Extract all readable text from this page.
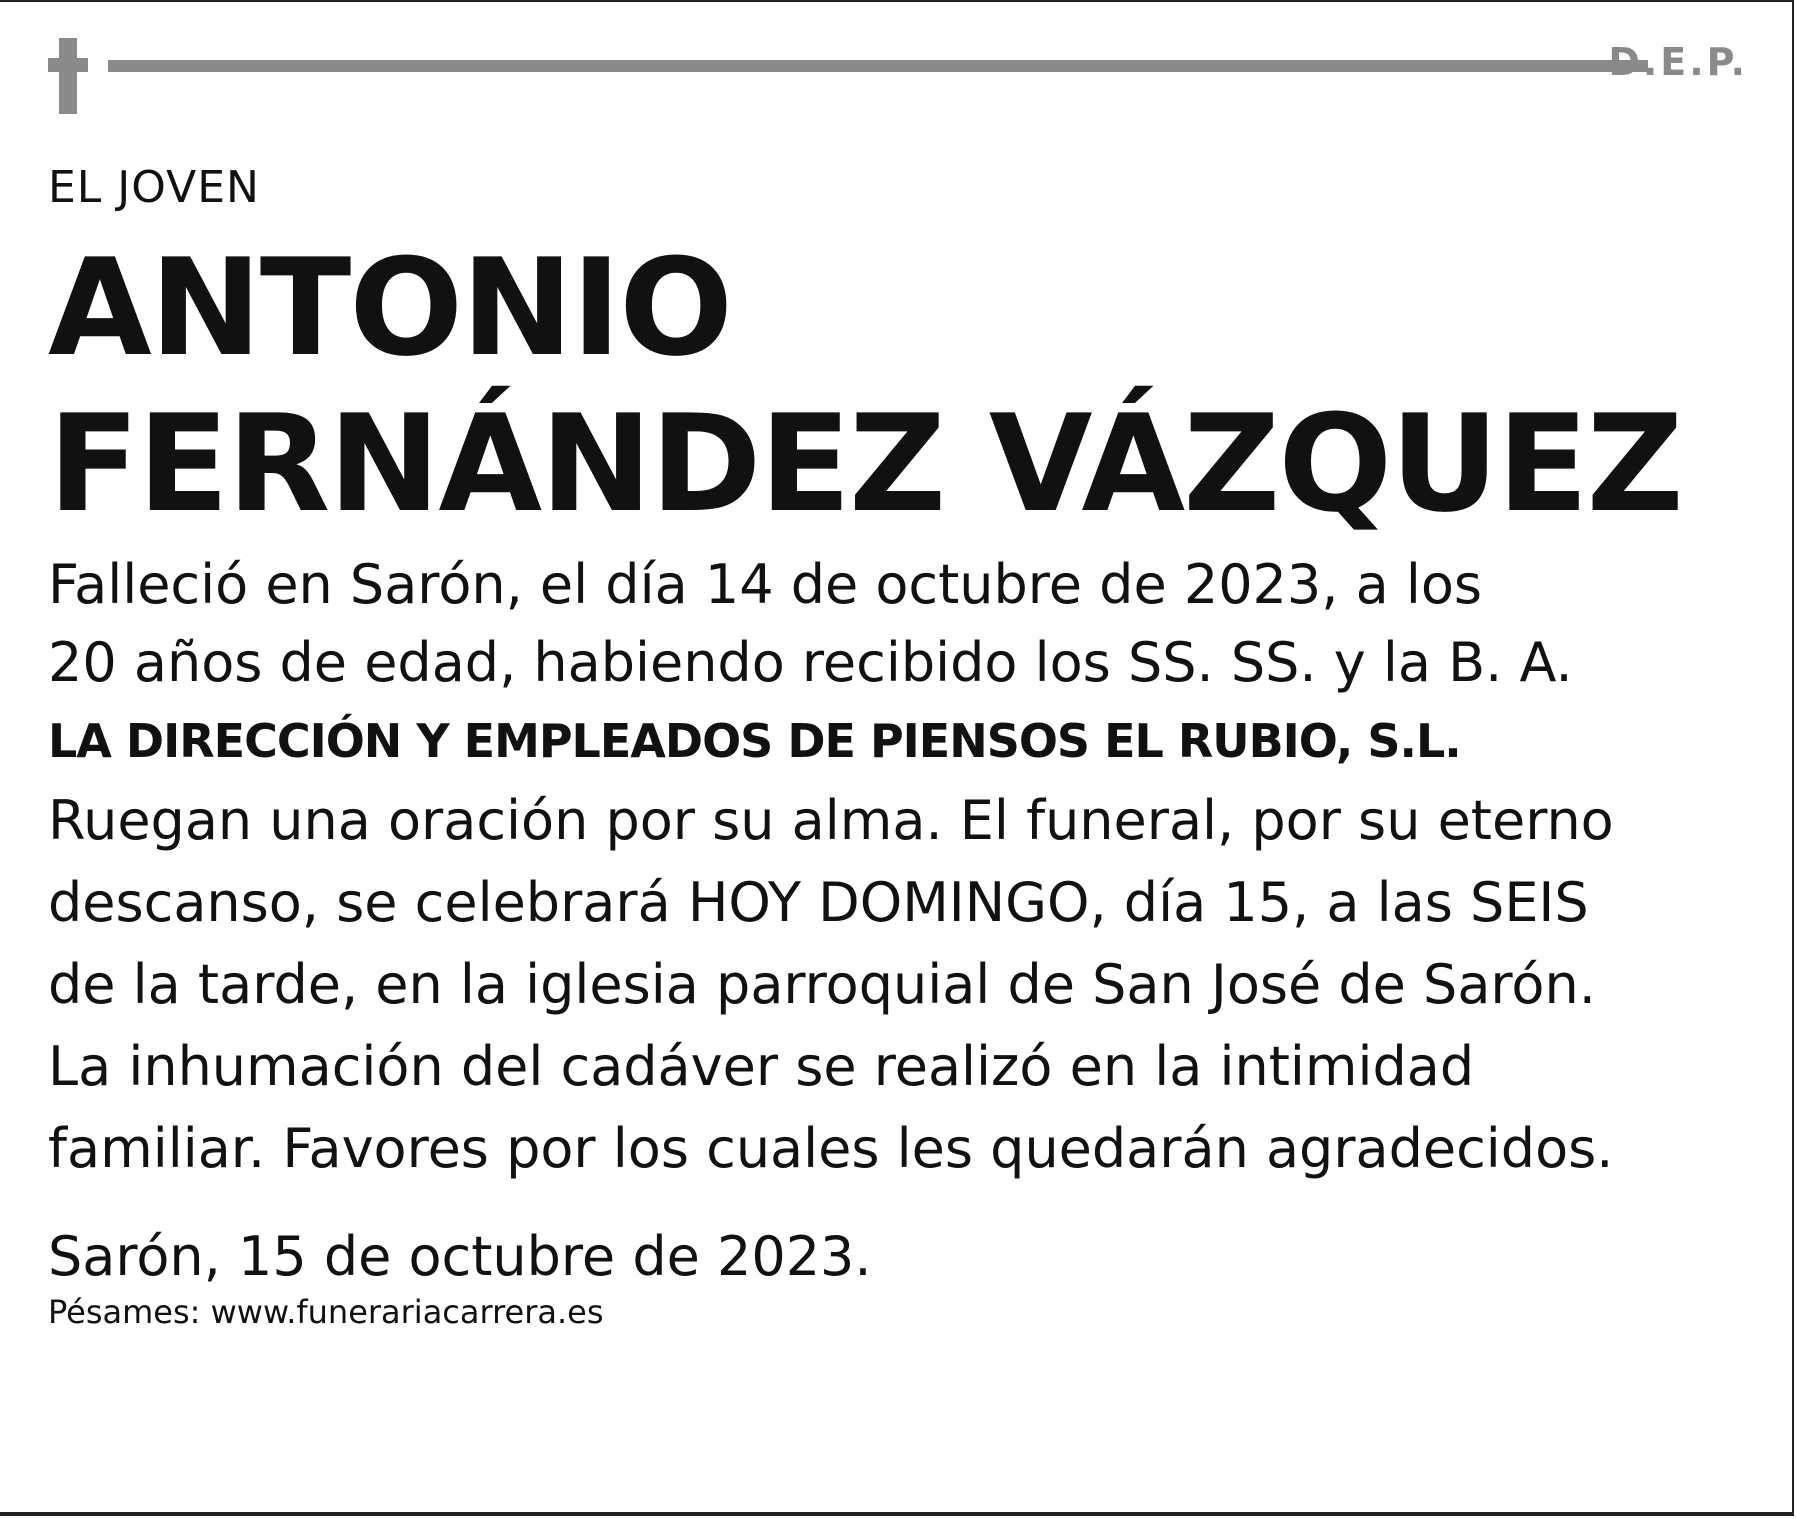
D.E.P.
EL JOVEN
ANTONIO
FERNÁNDEZ VÁZQUEZ
Falleció en Sarón, el día 14 de octubre de 2023, a los
20 años de edad, habiendo recibido los SS. SS. y la B. A.
LA DIRECCIÓN Y EMPLEADOS DE PIENSOS EL RUBIO, S.L.
Ruegan una oración por su alma. El funeral, por su eterno
descanso, se celebrará HOY DOMINGO, día 15, a las SEIS
de la tarde, en la iglesia parroquial de San José de Sarón.
La inhumación del cadáver se realizó en la intimidad
familiar. Favores por los cuales les quedarán agradecidos.
Sarón, 15 de octubre de 2023.
Pésames: www.funerariacarrera.es
